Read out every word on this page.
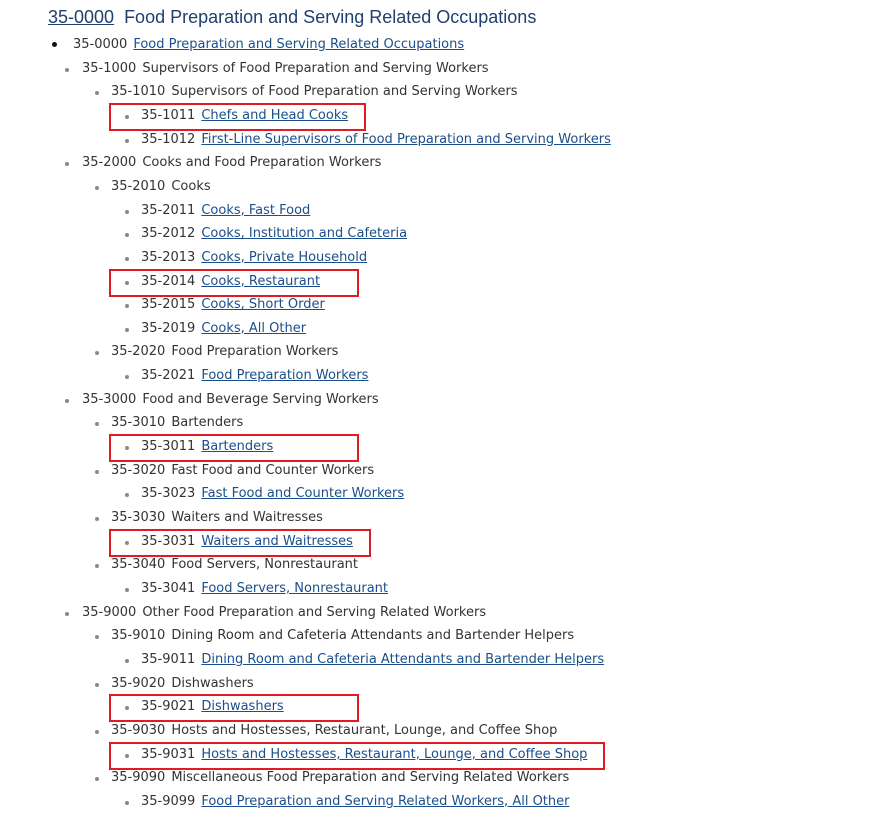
35-0000 Food Preparation and Serving Related Occupations
35-0000 Food Preparation and Serving Related Occupations
35-1000 Supervisors of Food Preparation and Serving Workers
35-1010 Supervisors of Food Preparation and Serving Workers
35-1011 Chefs and Head Cooks
35-1012 First-Line Supervisors of Food Preparation and Serving Workers
35-2000 Cooks and Food Preparation Workers
35-2010 Cooks
35-2011 Cooks, Fast Food
35-2012 Cooks, Institution and Cafeteria
35-2013 Cooks, Private Household
35-2014 Cooks, Restaurant
35-2015 Cooks, Short Order
35-2019 Cooks, All Other
35-2020 Food Preparation Workers
35-2021 Food Preparation Workers
35-3000 Food and Beverage Serving Workers
35-3010 Bartenders
35-3011 Bartenders
35-3020 Fast Food and Counter Workers
35-3023 Fast Food and Counter Workers
35-3030 Waiters and Waitresses
35-3031 Waiters and Waitresses
35-3040 Food Servers, Nonrestaurant
35-3041 Food Servers, Nonrestaurant
35-9000 Other Food Preparation and Serving Related Workers
35-9010 Dining Room and Cafeteria Attendants and Bartender Helpers
35-9011 Dining Room and Cafeteria Attendants and Bartender Helpers
35-9020 Dishwashers
35-9021 Dishwashers
35-9030 Hosts and Hostesses, Restaurant, Lounge, and Coffee Shop
35-9031 Hosts and Hostesses, Restaurant, Lounge, and Coffee Shop
35-9090 Miscellaneous Food Preparation and Serving Related Workers
35-9099 Food Preparation and Serving Related Workers, All Other
